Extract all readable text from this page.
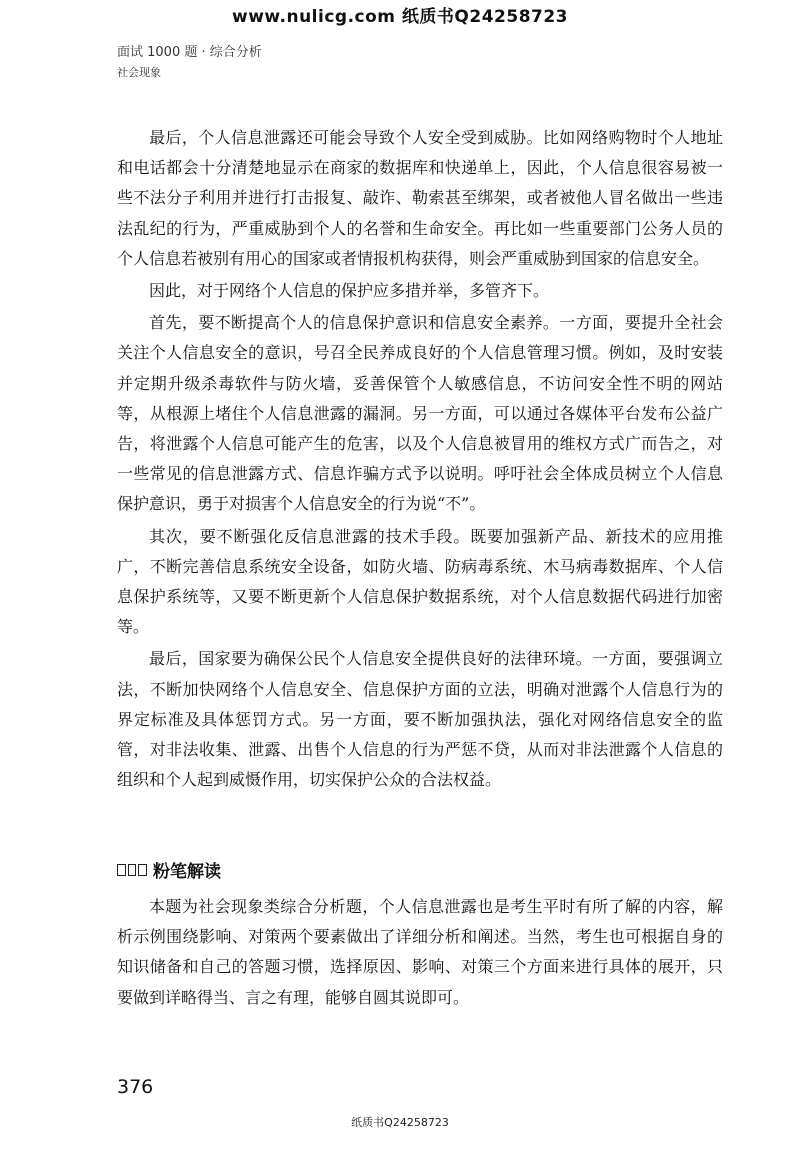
www.nulicg.com 纸质书Q24258723
面试 1000 题 · 综合分析
社会现象

最后，个人信息泄露还可能会导致个人安全受到威胁。比如网络购物时个人地址和电话都会十分清楚地显示在商家的数据库和快递单上，因此，个人信息很容易被一些不法分子利用并进行打击报复、敲诈、勒索甚至绑架，或者被他人冒名做出一些违法乱纪的行为，严重威胁到个人的名誉和生命安全。再比如一些重要部门公务人员的个人信息若被别有用心的国家或者情报机构获得，则会严重威胁到国家的信息安全。

因此，对于网络个人信息的保护应多措并举，多管齐下。

首先，要不断提高个人的信息保护意识和信息安全素养。一方面，要提升全社会关注个人信息安全的意识，号召全民养成良好的个人信息管理习惯。例如，及时安装并定期升级杀毒软件与防火墙，妥善保管个人敏感信息，不访问安全性不明的网站等，从根源上堵住个人信息泄露的漏洞。另一方面，可以通过各媒体平台发布公益广告，将泄露个人信息可能产生的危害，以及个人信息被冒用的维权方式广而告之，对一些常见的信息泄露方式、信息诈骗方式予以说明。呼吁社会全体成员树立个人信息保护意识，勇于对损害个人信息安全的行为说“不”。

其次，要不断强化反信息泄露的技术手段。既要加强新产品、新技术的应用推广，不断完善信息系统安全设备，如防火墙、防病毒系统、木马病毒数据库、个人信息保护系统等，又要不断更新个人信息保护数据系统，对个人信息数据代码进行加密等。

最后，国家要为确保公民个人信息安全提供良好的法律环境。一方面，要强调立法，不断加快网络个人信息安全、信息保护方面的立法，明确对泄露个人信息行为的界定标准及具体惩罚方式。另一方面，要不断加强执法，强化对网络信息安全的监管，对非法收集、泄露、出售个人信息的行为严惩不贷，从而对非法泄露个人信息的组织和个人起到威慑作用，切实保护公众的合法权益。

粉笔解读

本题为社会现象类综合分析题，个人信息泄露也是考生平时有所了解的内容，解析示例围绕影响、对策两个要素做出了详细分析和阐述。当然，考生也可根据自身的知识储备和自己的答题习惯，选择原因、影响、对策三个方面来进行具体的展开，只要做到详略得当、言之有理，能够自圆其说即可。

376
纸质书Q24258723
